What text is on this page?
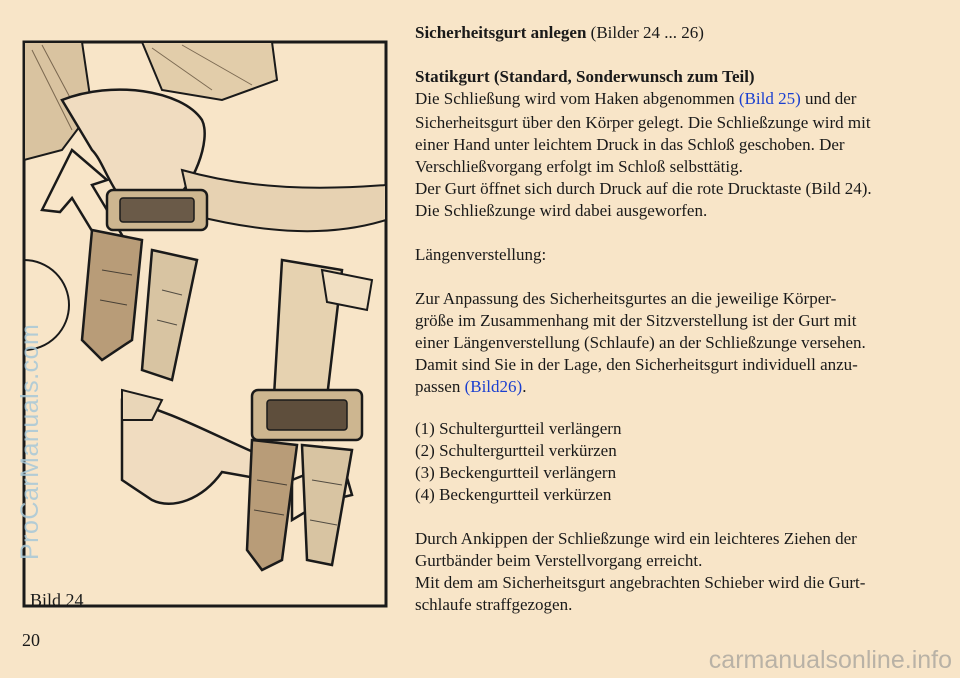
ProCarManuals.com
Bild 24
20
carmanualsonline.info

Sicherheitsgurt anlegen (Bilder 24 ... 26)

Statikgurt (Standard, Sonderwunsch zum Teil)

Die Schließung wird vom Haken abgenommen (Bild 25) und der

Sicherheitsgurt über den Körper gelegt. Die Schließzunge wird mit

einer Hand unter leichtem Druck in das Schloß geschoben. Der

Verschließvorgang erfolgt im Schloß selbsttätig.

Der Gurt öffnet sich durch Druck auf die rote Drucktaste (Bild 24).

Die Schließzunge wird dabei ausgeworfen.

Längenverstellung:

Zur Anpassung des Sicherheitsgurtes an die jeweilige Körper-

größe im Zusammenhang mit der Sitzverstellung ist der Gurt mit

einer Längenverstellung (Schlaufe) an der Schließzunge versehen.

Damit sind Sie in der Lage, den Sicherheitsgurt individuell anzu-

passen (Bild26).

(1) Schultergurtteil verlängern

(2) Schultergurtteil verkürzen

(3) Beckengurtteil verlängern

(4) Beckengurtteil verkürzen

Durch Ankippen der Schließzunge wird ein leichteres Ziehen der

Gurtbänder beim Verstellvorgang erreicht.

Mit dem am Sicherheitsgurt angebrachten Schieber wird die Gurt-

schlaufe straffgezogen.
